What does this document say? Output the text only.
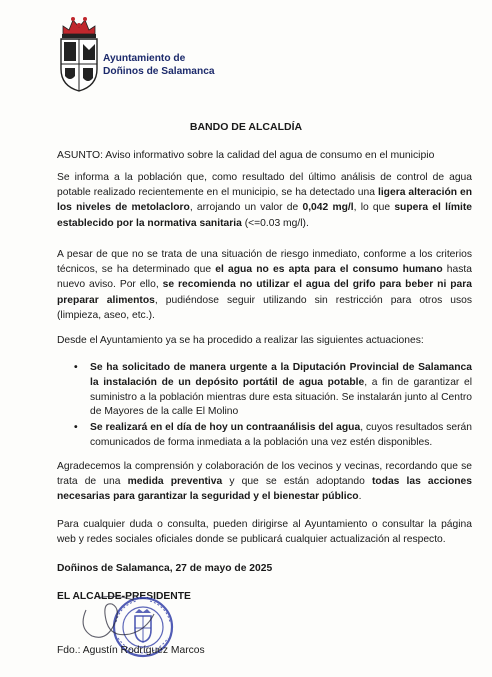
Ayuntamiento de
Doñinos de Salamanca
BANDO DE ALCALDÍA
ASUNTO: Aviso informativo sobre la calidad del agua de consumo en el municipio

Se informa a la población que, como resultado del último análisis de control de agua potable realizado recientemente en el municipio, se ha detectado una ligera alteración en los niveles de metolacloro, arrojando un valor de 0,042 mg/l, lo que supera el límite establecido por la normativa sanitaria (<=0.03 mg/l).

A pesar de que no se trata de una situación de riesgo inmediato, conforme a los criterios técnicos, se ha determinado que el agua no es apta para el consumo humano hasta nuevo aviso. Por ello, se recomienda no utilizar el agua del grifo para beber ni para preparar alimentos, pudiéndose seguir utilizando sin restricción para otros usos (limpieza, aseo, etc.).

Desde el Ayuntamiento ya se ha procedido a realizar las siguientes actuaciones:

• Se ha solicitado de manera urgente a la Diputación Provincial de Salamanca la instalación de un depósito portátil de agua potable, a fin de garantizar el suministro a la población mientras dure esta situación. Se instalarán junto al Centro de Mayores de la calle El Molino
• Se realizará en el día de hoy un contraanálisis del agua, cuyos resultados serán comunicados de forma inmediata a la población una vez estén disponibles.

Agradecemos la comprensión y colaboración de los vecinos y vecinas, recordando que se trata de una medida preventiva y que se están adoptando todas las acciones necesarias para garantizar la seguridad y el bienestar público.

Para cualquier duda o consulta, pueden dirigirse al Ayuntamiento o consultar la página web y redes sociales oficiales donde se publicará cualquier actualización al respecto.

Doñinos de Salamanca, 27 de mayo de 2025
EL ALCALDE-PRESIDENTE
Fdo.: Agustín Rodríguez Marcos
